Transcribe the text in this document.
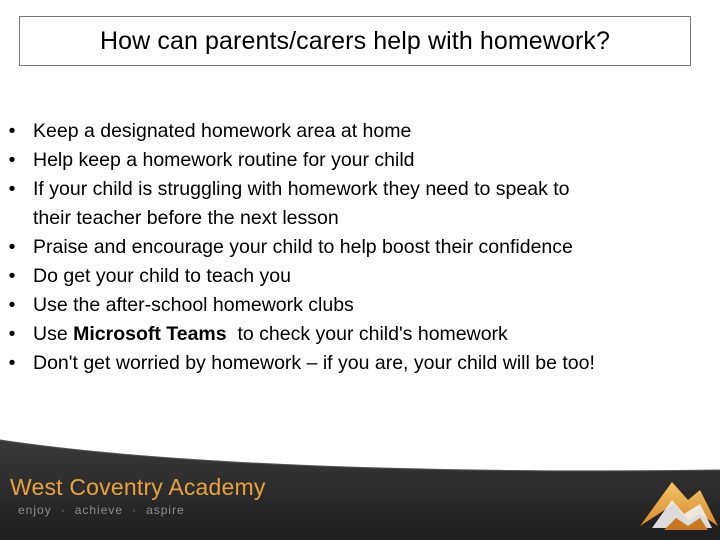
How can parents/carers help with homework?
• Keep a designated homework area at home
• Help keep a homework routine for your child
• If your child is struggling with homework they need to speak to
their teacher before the next lesson
• Praise and encourage your child to help boost their confidence
• Do get your child to teach you
• Use the after-school homework clubs
• Use Microsoft Teams  to check your child's homework
• Don't get worried by homework – if you are, your child will be too!
West Coventry Academy
enjoy · achieve · aspire
